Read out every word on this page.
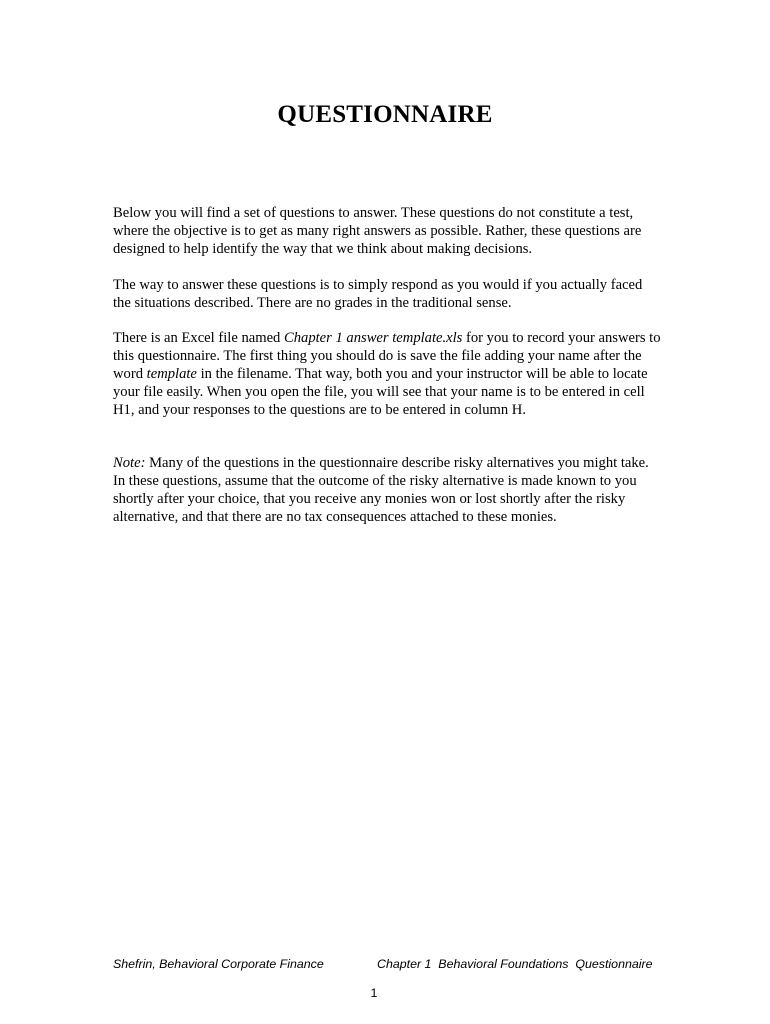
QUESTIONNAIRE

Below you will find a set of questions to answer. These questions do not constitute a test, where the objective is to get as many right answers as possible. Rather, these questions are designed to help identify the way that we think about making decisions.

The way to answer these questions is to simply respond as you would if you actually faced the situations described. There are no grades in the traditional sense.

There is an Excel file named Chapter 1 answer template.xls for you to record your answers to this questionnaire. The first thing you should do is save the file adding your name after the word template in the filename. That way, both you and your instructor will be able to locate your file easily. When you open the file, you will see that your name is to be entered in cell H1, and your responses to the questions are to be entered in column H.

Note: Many of the questions in the questionnaire describe risky alternatives you might take. In these questions, assume that the outcome of the risky alternative is made known to you shortly after your choice, that you receive any monies won or lost shortly after the risky alternative, and that there are no tax consequences attached to these monies.

Shefrin, Behavioral Corporate Finance	Chapter 1  Behavioral Foundations  Questionnaire
1
